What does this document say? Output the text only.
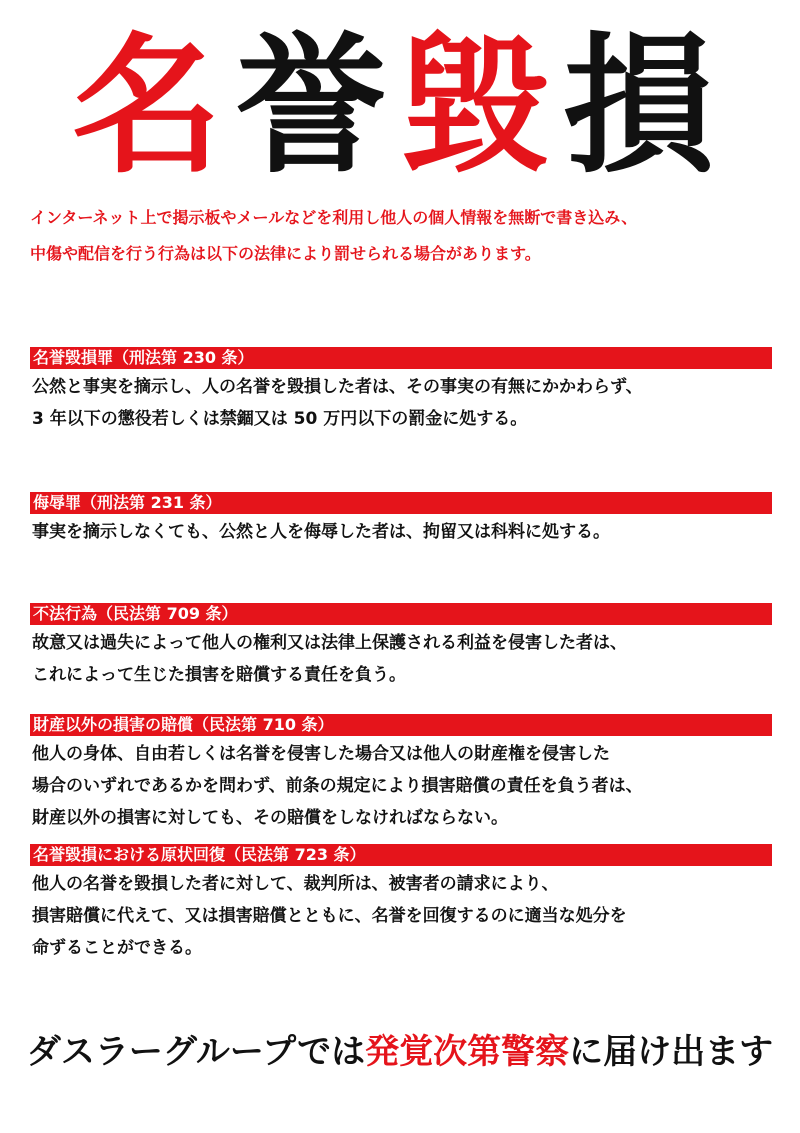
名誉毀損
インターネット上で掲示板やメールなどを利用し他人の個人情報を無断で書き込み、
中傷や配信を行う行為は以下の法律により罰せられる場合があります。
名誉毀損罪（刑法第 230 条）
公然と事実を摘示し、人の名誉を毀損した者は、その事実の有無にかかわらず、
3 年以下の懲役若しくは禁錮又は 50 万円以下の罰金に処する。
侮辱罪（刑法第 231 条）
事実を摘示しなくても、公然と人を侮辱した者は、拘留又は科料に処する。
不法行為（民法第 709 条）
故意又は過失によって他人の権利又は法律上保護される利益を侵害した者は、
これによって生じた損害を賠償する責任を負う。
財産以外の損害の賠償（民法第 710 条）
他人の身体、自由若しくは名誉を侵害した場合又は他人の財産権を侵害した
場合のいずれであるかを問わず、前条の規定により損害賠償の責任を負う者は、
財産以外の損害に対しても、その賠償をしなければならない。
名誉毀損における原状回復（民法第 723 条）
他人の名誉を毀損した者に対して、裁判所は、被害者の請求により、
損害賠償に代えて、又は損害賠償とともに、名誉を回復するのに適当な処分を
命ずることができる。
ダスラーグループでは発覚次第警察に届け出ます
